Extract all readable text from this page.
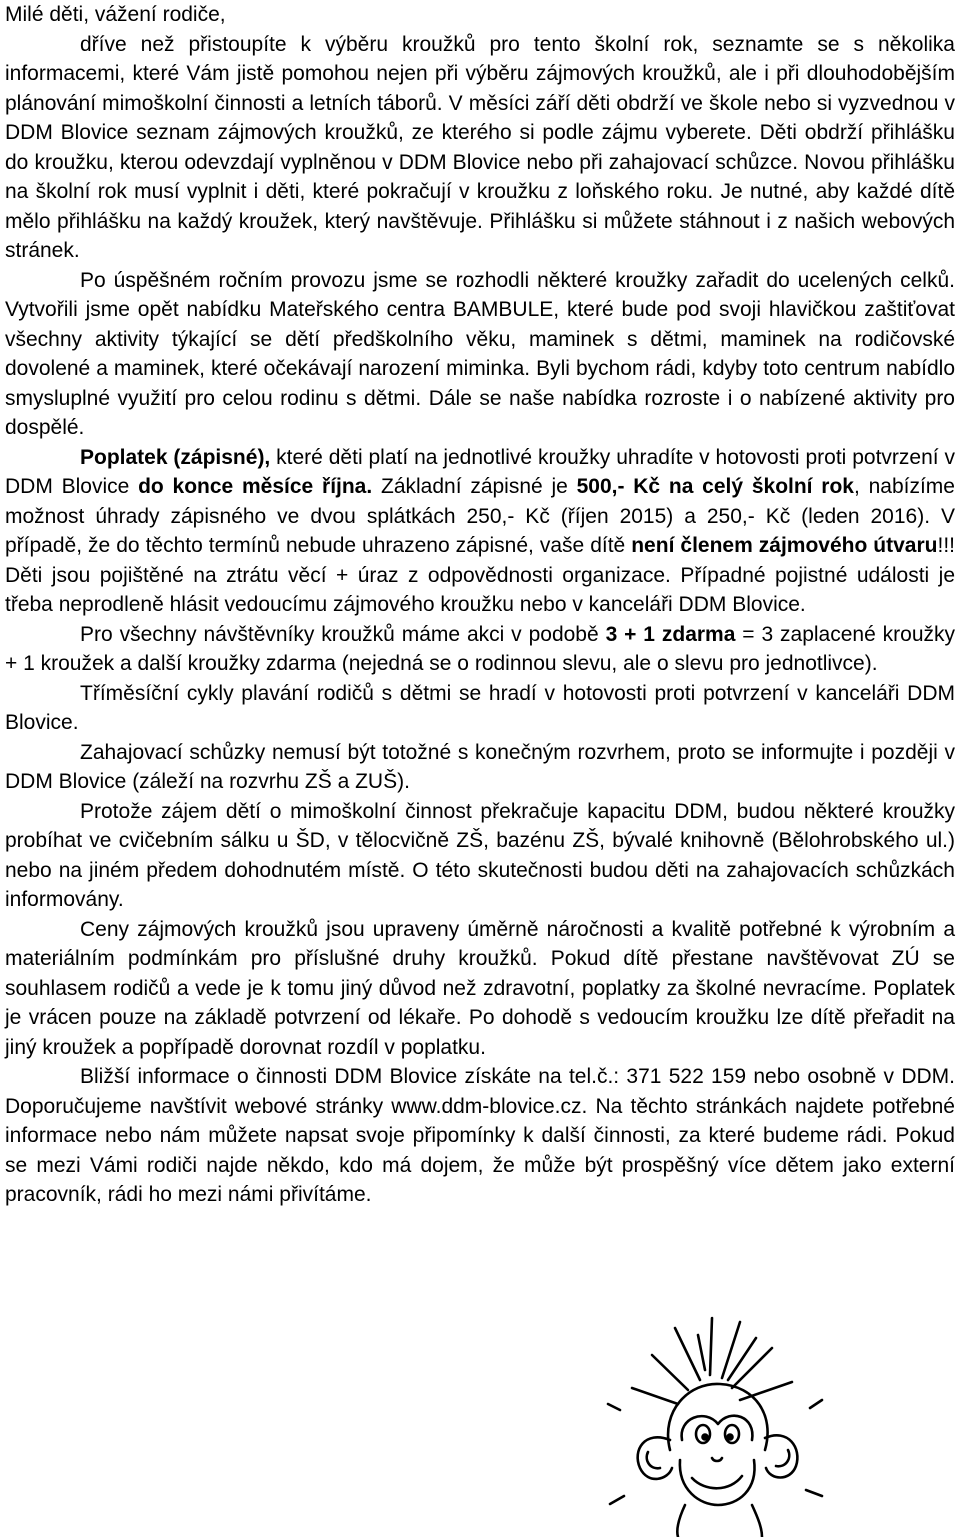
Milé děti, vážení rodiče,

dříve než přistoupíte k výběru kroužků pro tento školní rok, seznamte se s několika informacemi, které Vám jistě pomohou nejen při výběru zájmových kroužků, ale i při dlouhodobějším plánování mimoškolní činnosti a letních táborů. V měsíci září děti obdrží ve škole nebo si vyzvednou v DDM Blovice seznam zájmových kroužků, ze kterého si podle zájmu vyberete. Děti obdrží přihlášku do kroužku, kterou odevzdají vyplněnou v DDM Blovice nebo při zahajovací schůzce. Novou přihlášku na školní rok musí vyplnit i děti, které pokračují v kroužku z loňského roku. Je nutné, aby každé dítě mělo přihlášku na každý kroužek, který navštěvuje. Přihlášku si můžete stáhnout i z našich webových stránek.

Po úspěšném ročním provozu jsme se rozhodli některé kroužky zařadit do ucelených celků. Vytvořili jsme opět nabídku Mateřského centra BAMBULE, které bude pod svoji hlavičkou zaštiťovat všechny aktivity týkající se dětí předškolního věku, maminek s dětmi, maminek na rodičovské dovolené a maminek, které očekávají narození miminka. Byli bychom rádi, kdyby toto centrum nabídlo smysluplné využití pro celou rodinu s dětmi. Dále se naše nabídka rozroste i o nabízené aktivity pro dospělé.

Poplatek (zápisné), které děti platí na jednotlivé kroužky uhradíte v hotovosti proti potvrzení v DDM Blovice do konce měsíce října. Základní zápisné je 500,- Kč na celý školní rok, nabízíme možnost úhrady zápisného ve dvou splátkách 250,- Kč (říjen 2015) a 250,- Kč (leden 2016). V případě, že do těchto termínů nebude uhrazeno zápisné, vaše dítě není členem zájmového útvaru!!! Děti jsou pojištěné na ztrátu věcí + úraz z odpovědnosti organizace. Případné pojistné události je třeba neprodleně hlásit vedoucímu zájmového kroužku nebo v kanceláři DDM Blovice.

Pro všechny návštěvníky kroužků máme akci v podobě 3 + 1 zdarma = 3 zaplacené kroužky + 1 kroužek a další kroužky zdarma (nejedná se o rodinnou slevu, ale o slevu pro jednotlivce).

Tříměsíční cykly plavání rodičů s dětmi se hradí v hotovosti proti potvrzení v kanceláři DDM Blovice.

Zahajovací schůzky nemusí být totožné s konečným rozvrhem, proto se informujte i později v DDM Blovice (záleží na rozvrhu ZŠ a ZUŠ).

Protože zájem dětí o mimoškolní činnost překračuje kapacitu DDM, budou některé kroužky probíhat ve cvičebním sálku u ŠD, v tělocvičně ZŠ, bazénu ZŠ, bývalé knihovně (Bělohrobského ul.) nebo na jiném předem dohodnutém místě. O této skutečnosti budou děti na zahajovacích schůzkách informovány.

Ceny zájmových kroužků jsou upraveny úměrně náročnosti a kvalitě potřebné k výrobním a materiálním podmínkám pro příslušné druhy kroužků. Pokud dítě přestane navštěvovat ZÚ se souhlasem rodičů a vede je k tomu jiný důvod než zdravotní, poplatky za školné nevracíme. Poplatek je vrácen pouze na základě potvrzení od lékaře. Po dohodě s vedoucím kroužku lze dítě přeřadit na jiný kroužek a popřípadě dorovnat rozdíl v poplatku.

Bližší informace o činnosti DDM Blovice získáte na tel.č.: 371 522 159 nebo osobně v DDM. Doporučujeme navštívit webové stránky www.ddm-blovice.cz. Na těchto stránkách najdete potřebné informace nebo nám můžete napsat svoje připomínky k další činnosti, za které budeme rádi. Pokud se mezi Vámi rodiči najde někdo, kdo má dojem, že může být prospěšný více dětem jako externí pracovník, rádi ho mezi námi přivítáme.
